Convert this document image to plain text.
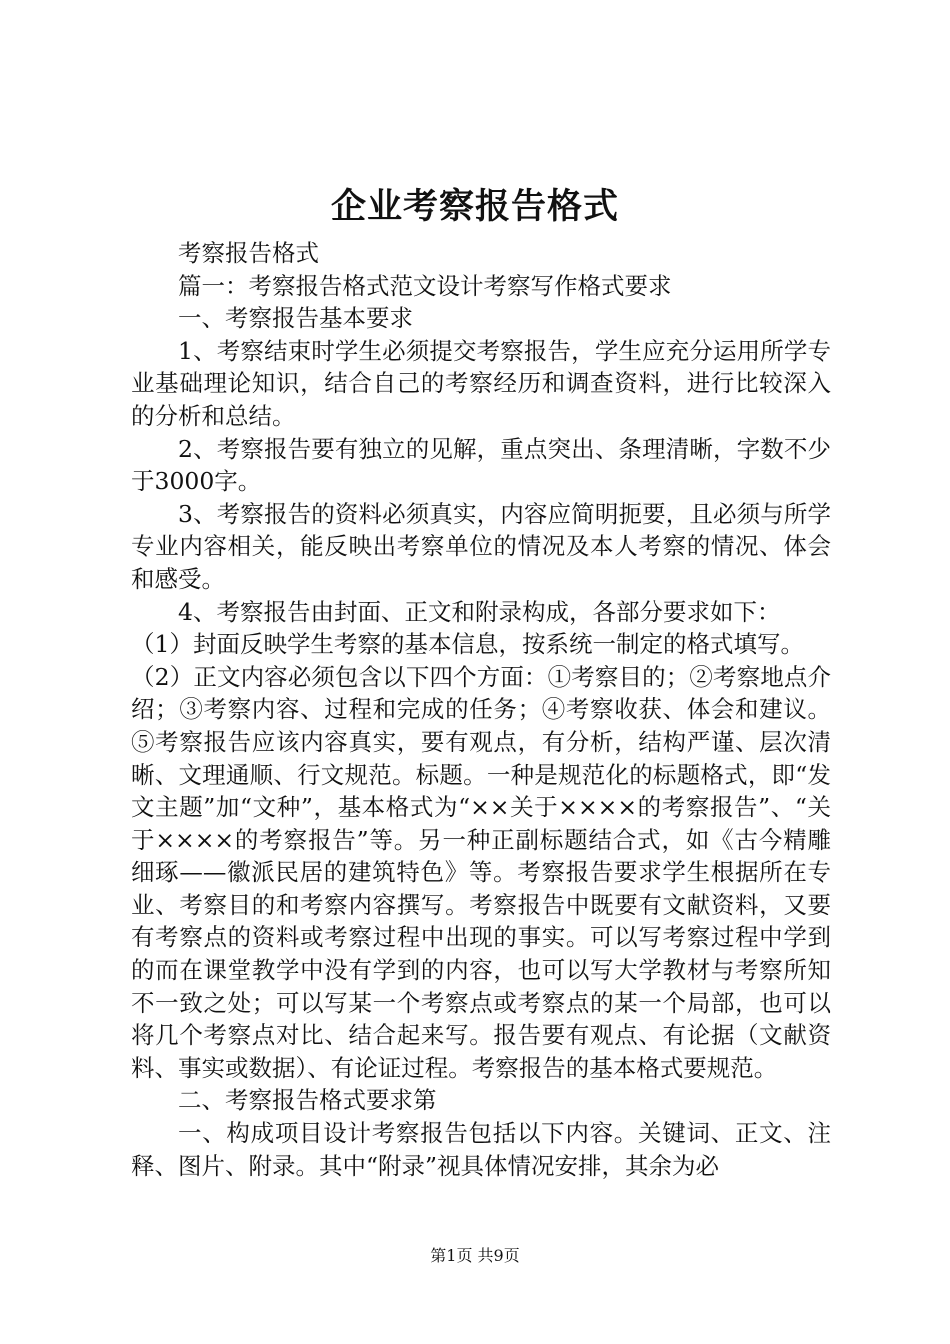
企业考察报告格式

考察报告格式

篇一：考察报告格式范文设计考察写作格式要求

一、考察报告基本要求

1、考察结束时学生必须提交考察报告，学生应充分运用所学专业基础理论知识，结合自己的考察经历和调查资料，进行比较深入的分析和总结。

2、考察报告要有独立的见解，重点突出、条理清晰，字数不少于3000字。

3、考察报告的资料必须真实，内容应简明扼要，且必须与所学专业内容相关，能反映出考察单位的情况及本人考察的情况、体会和感受。

4、考察报告由封面、正文和附录构成，各部分要求如下：

（1）封面反映学生考察的基本信息，按系统一制定的格式填写。

（2）正文内容必须包含以下四个方面：①考察目的；②考察地点介绍；③考察内容、过程和完成的任务；④考察收获、体会和建议。⑤考察报告应该内容真实，要有观点，有分析，结构严谨、层次清晰、文理通顺、行文规范。标题。一种是规范化的标题格式，即“发文主题”加“文种”，基本格式为“××关于××××的考察报告”、“关于××××的考察报告”等。另一种正副标题结合式，如《古今精雕细琢——徽派民居的建筑特色》等。考察报告要求学生根据所在专业、考察目的和考察内容撰写。考察报告中既要有文献资料，又要有考察点的资料或考察过程中出现的事实。可以写考察过程中学到的而在课堂教学中没有学到的内容，也可以写大学教材与考察所知不一致之处；可以写某一个考察点或考察点的某一个局部，也可以将几个考察点对比、结合起来写。报告要有观点、有论据（文献资料、事实或数据）、有论证过程。考察报告的基本格式要规范。

二、考察报告格式要求第

一、构成项目设计考察报告包括以下内容。关键词、正文、注释、图片、附录。其中“附录”视具体情况安排，其余为必

第1页 共9页
